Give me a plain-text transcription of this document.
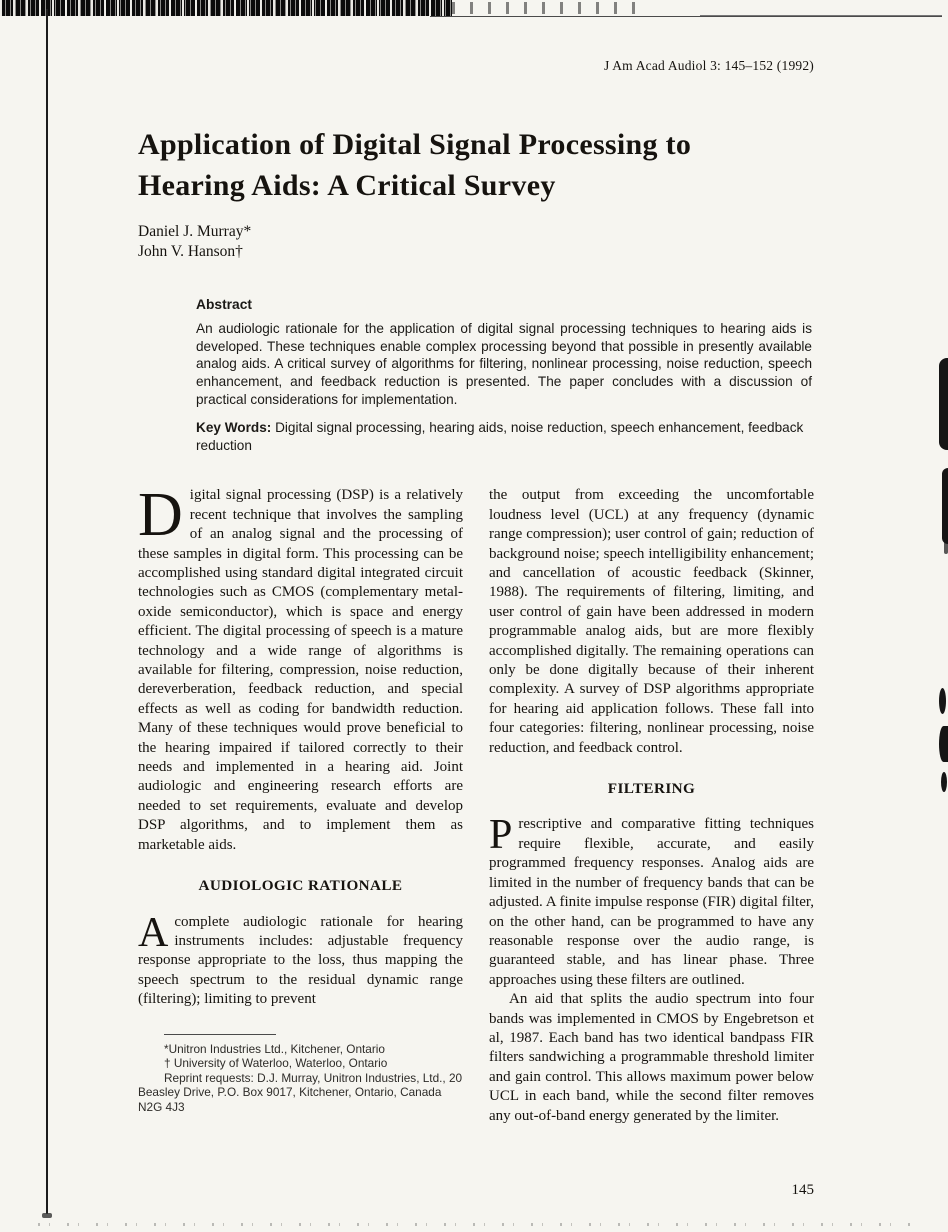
J Am Acad Audiol 3: 145–152 (1992)
Application of Digital Signal Processing to
Hearing Aids: A Critical Survey
Daniel J. Murray*
John V. Hanson†
Abstract

An audiologic rationale for the application of digital signal processing techniques to hearing aids is developed. These techniques enable complex processing beyond that possible in presently available analog aids. A critical survey of algorithms for filtering, nonlinear processing, noise reduction, speech enhancement, and feedback reduction is presented. The paper concludes with a discussion of practical considerations for implementation.

Key Words: Digital signal processing, hearing aids, noise reduction, speech enhancement, feedback reduction

Digital signal processing (DSP) is a relatively recent technique that involves the sampling of an analog signal and the processing of these samples in digital form. This processing can be accomplished using standard digital integrated circuit technologies such as CMOS (complementary metal-oxide semiconductor), which is space and energy efficient. The digital processing of speech is a mature technology and a wide range of algorithms is available for filtering, compression, noise reduction, dereverberation, feedback reduction, and special effects as well as coding for bandwidth reduction. Many of these techniques would prove beneficial to the hearing impaired if tailored correctly to their needs and implemented in a hearing aid. Joint audiologic and engineering research efforts are needed to set requirements, evaluate and develop DSP algorithms, and to implement them as marketable aids.

AUDIOLOGIC RATIONALE

Acomplete audiologic rationale for hearing instruments includes: adjustable frequency response appropriate to the loss, thus mapping the speech spectrum to the residual dynamic range (filtering); limiting to prevent

*Unitron Industries Ltd., Kitchener, Ontario

† University of Waterloo, Waterloo, Ontario

Reprint requests: D.J. Murray, Unitron Industries, Ltd., 20 Beasley Drive, P.O. Box 9017, Kitchener, Ontario, Canada N2G 4J3

the output from exceeding the uncomfortable loudness level (UCL) at any frequency (dynamic range compression); user control of gain; reduction of background noise; speech intelligibility enhancement; and cancellation of acoustic feedback (Skinner, 1988). The requirements of filtering, limiting, and user control of gain have been addressed in modern programmable analog aids, but are more flexibly accomplished digitally. The remaining operations can only be done digitally because of their inherent complexity. A survey of DSP algorithms appropriate for hearing aid application follows. These fall into four categories: filtering, nonlinear processing, noise reduction, and feedback control.

FILTERING

Prescriptive and comparative fitting techniques require flexible, accurate, and easily programmed frequency responses. Analog aids are limited in the number of frequency bands that can be adjusted. A finite impulse response (FIR) digital filter, on the other hand, can be programmed to have any reasonable response over the audio range, is guaranteed stable, and has linear phase. Three approaches using these filters are outlined.

An aid that splits the audio spectrum into four bands was implemented in CMOS by Engebretson et al, 1987. Each band has two identical bandpass FIR filters sandwiching a programmable threshold limiter and gain control. This allows maximum power below UCL in each band, while the second filter removes any out-of-band energy generated by the limiter.

145
